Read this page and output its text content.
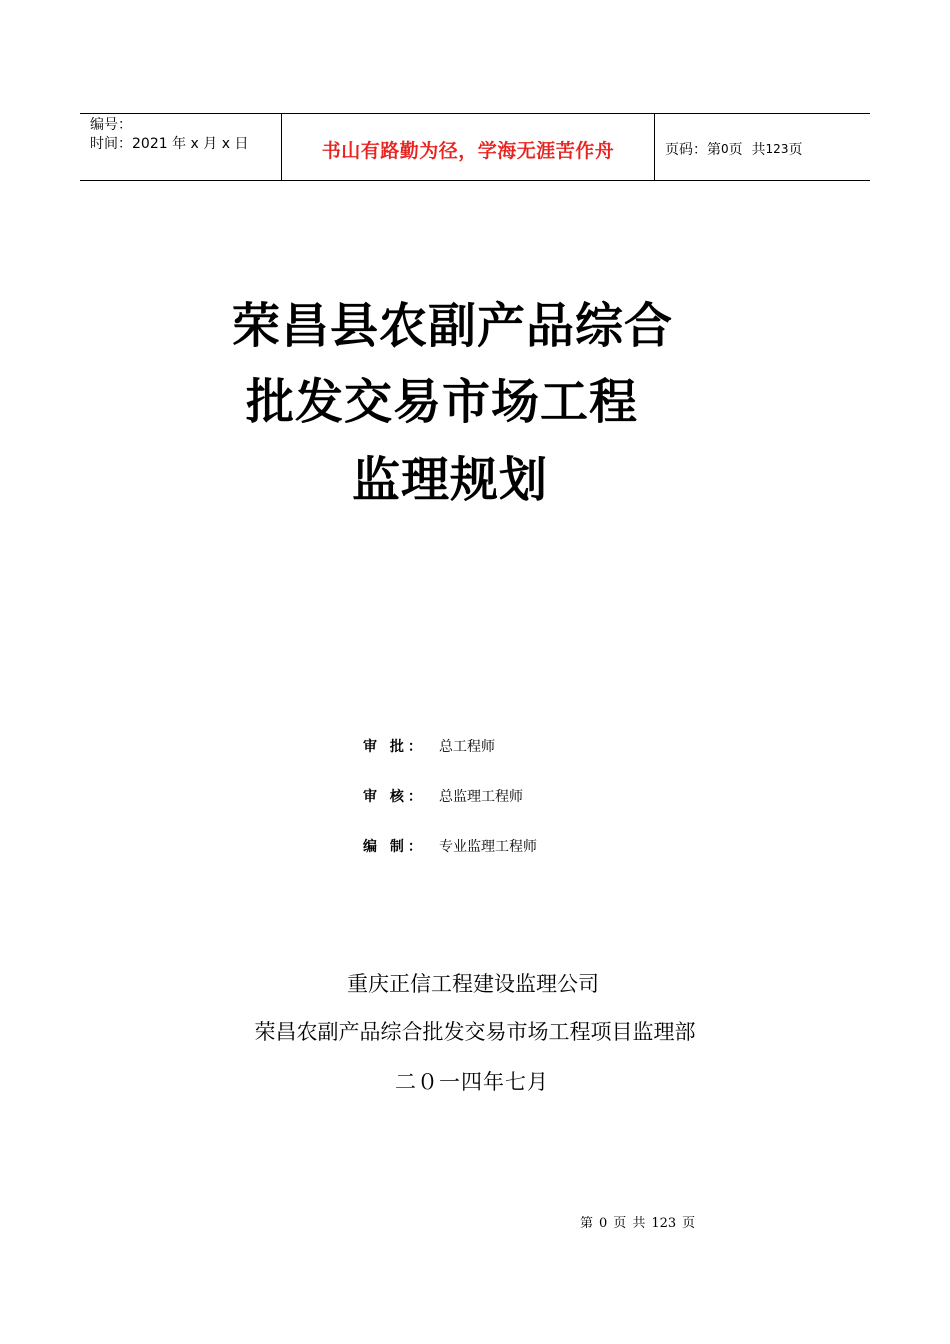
编号：
时间：2021 年 x 月 x 日	书山有路勤为径，学海无涯苦作舟	页码：第 0 页  共 123 页
荣昌县农副产品综合
批发交易市场工程
监理规划
审 批： 总工程师
审 核： 总监理工程师
编 制： 专业监理工程师
重庆正信工程建设监理公司
荣昌农副产品综合批发交易市场工程项目监理部
二０一四年七月
第 0 页 共 123 页
